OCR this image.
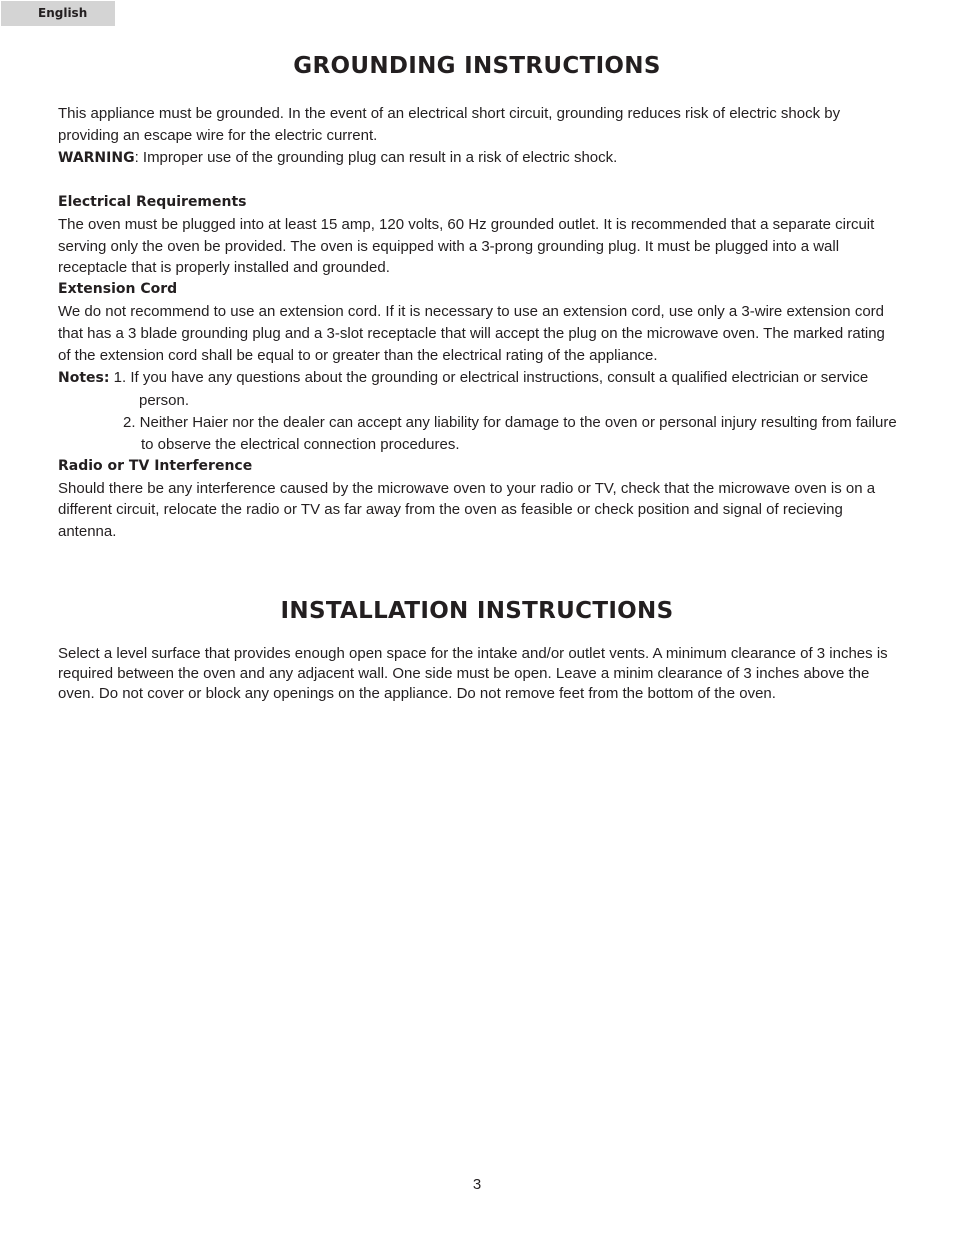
English
GROUNDING INSTRUCTIONS

This appliance must be grounded. In the event of an electrical short circuit, grounding reduces risk of electric shock by providing an escape wire for the electric current.

WARNING: Improper use of the grounding plug can result in a risk of electric shock.

Electrical Requirements

The oven must be plugged into at least 15 amp, 120 volts, 60 Hz grounded outlet. It is recommended that a separate circuit serving only the oven be provided. The oven is equipped with a 3-prong grounding plug. It must be plugged into a wall receptacle that is properly installed and grounded.

Extension Cord

We do not recommend to use an extension cord. If it is necessary to use an extension cord, use only a 3-wire extension cord that has a 3 blade grounding plug and a 3-slot receptacle that will accept the plug on the microwave oven. The marked rating of the extension cord shall be equal to or greater than the electrical rating of the appliance.

Notes: 1. If you have any questions about the grounding or electrical instructions, consult a qualified electrician or service person.

2. Neither Haier nor the dealer can accept any liability for damage to the oven or personal injury resulting from failure to observe the electrical connection procedures.

Radio or TV Interference

Should there be any interference caused by the microwave oven to your radio or TV, check that the microwave oven is on a different circuit, relocate the radio or TV as far away from the oven as feasible or check position and signal of recieving antenna.

INSTALLATION INSTRUCTIONS

Select a level surface that provides enough open space for the intake and/or outlet vents. A minimum clearance of 3 inches is required between the oven and any adjacent wall. One side must be open. Leave a minim clearance of 3 inches above the oven. Do not cover or block any openings on the appliance. Do not remove feet from the bottom of the oven.

3
